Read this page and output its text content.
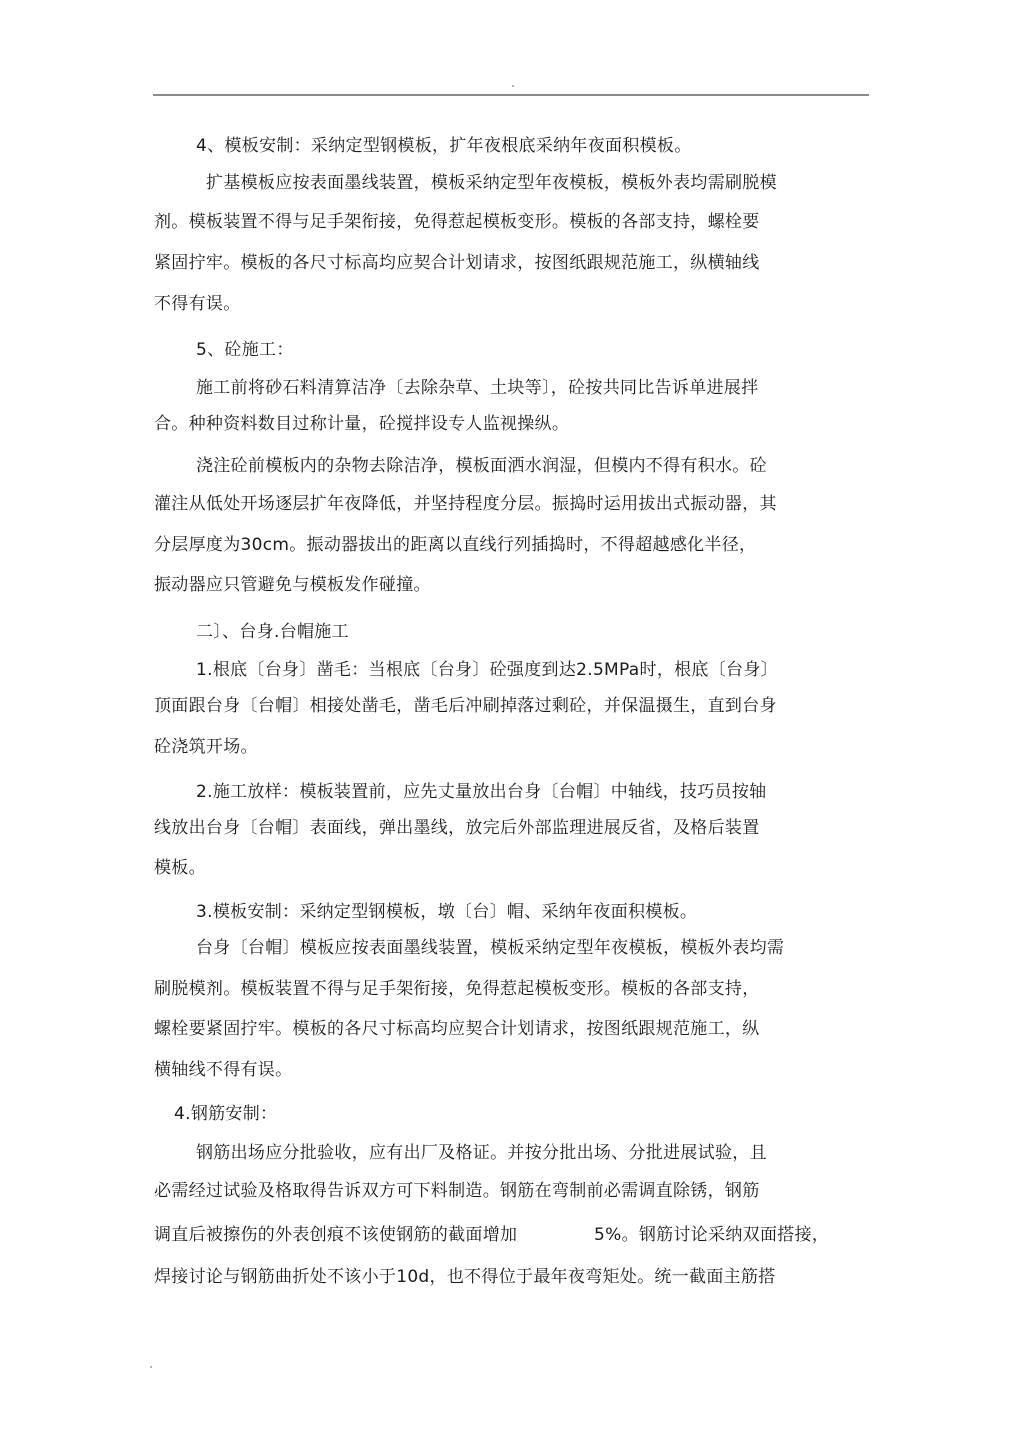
4、模板安制：采纳定型钢模板，扩年夜根底采纳年夜面积模板。
扩基模板应按表面墨线装置，模板采纳定型年夜模板，模板外表均需刷脱模
剂。模板装置不得与足手架衔接，免得惹起模板变形。模板的各部支持，螺栓要
紧固拧牢。模板的各尺寸标高均应契合计划请求，按图纸跟规范施工，纵横轴线
不得有误。
5、砼施工：
施工前将砂石料清算洁净〔去除杂草、土块等〕，砼按共同比告诉单进展拌
合。种种资料数目过称计量，砼搅拌设专人监视操纵。
浇注砼前模板内的杂物去除洁净，模板面洒水润湿，但模内不得有积水。砼
灌注从低处开场逐层扩年夜降低，并坚持程度分层。振捣时运用拔出式振动器，其
分层厚度为30cm。振动器拔出的距离以直线行列插捣时，不得超越感化半径，
振动器应只管避免与模板发作碰撞。
二〕、台身.台帽施工
1.根底〔台身〕凿毛：当根底〔台身〕砼强度到达2.5MPa时，根底〔台身〕
顶面跟台身〔台帽〕相接处凿毛，凿毛后冲刷掉落过剩砼，并保温摄生，直到台身
砼浇筑开场。
2.施工放样：模板装置前，应先丈量放出台身〔台帽〕中轴线，技巧员按轴
线放出台身〔台帽〕表面线，弹出墨线，放完后外部监理进展反省，及格后装置
模板。
3.模板安制：采纳定型钢模板，墩〔台〕帽、采纳年夜面积模板。
台身〔台帽〕模板应按表面墨线装置，模板采纳定型年夜模板，模板外表均需
刷脱模剂。模板装置不得与足手架衔接，免得惹起模板变形。模板的各部支持，
螺栓要紧固拧牢。模板的各尺寸标高均应契合计划请求，按图纸跟规范施工，纵
横轴线不得有误。
4.钢筋安制：
钢筋出场应分批验收，应有出厂及格证。并按分批出场、分批进展试验，且
必需经过试验及格取得告诉双方可下料制造。钢筋在弯制前必需调直除锈，钢筋
调直后被擦伤的外表创痕不该使钢筋的截面增加	5%。钢筋讨论采纳双面搭接，
焊接讨论与钢筋曲折处不该小于10d，也不得位于最年夜弯矩处。统一截面主筋搭
